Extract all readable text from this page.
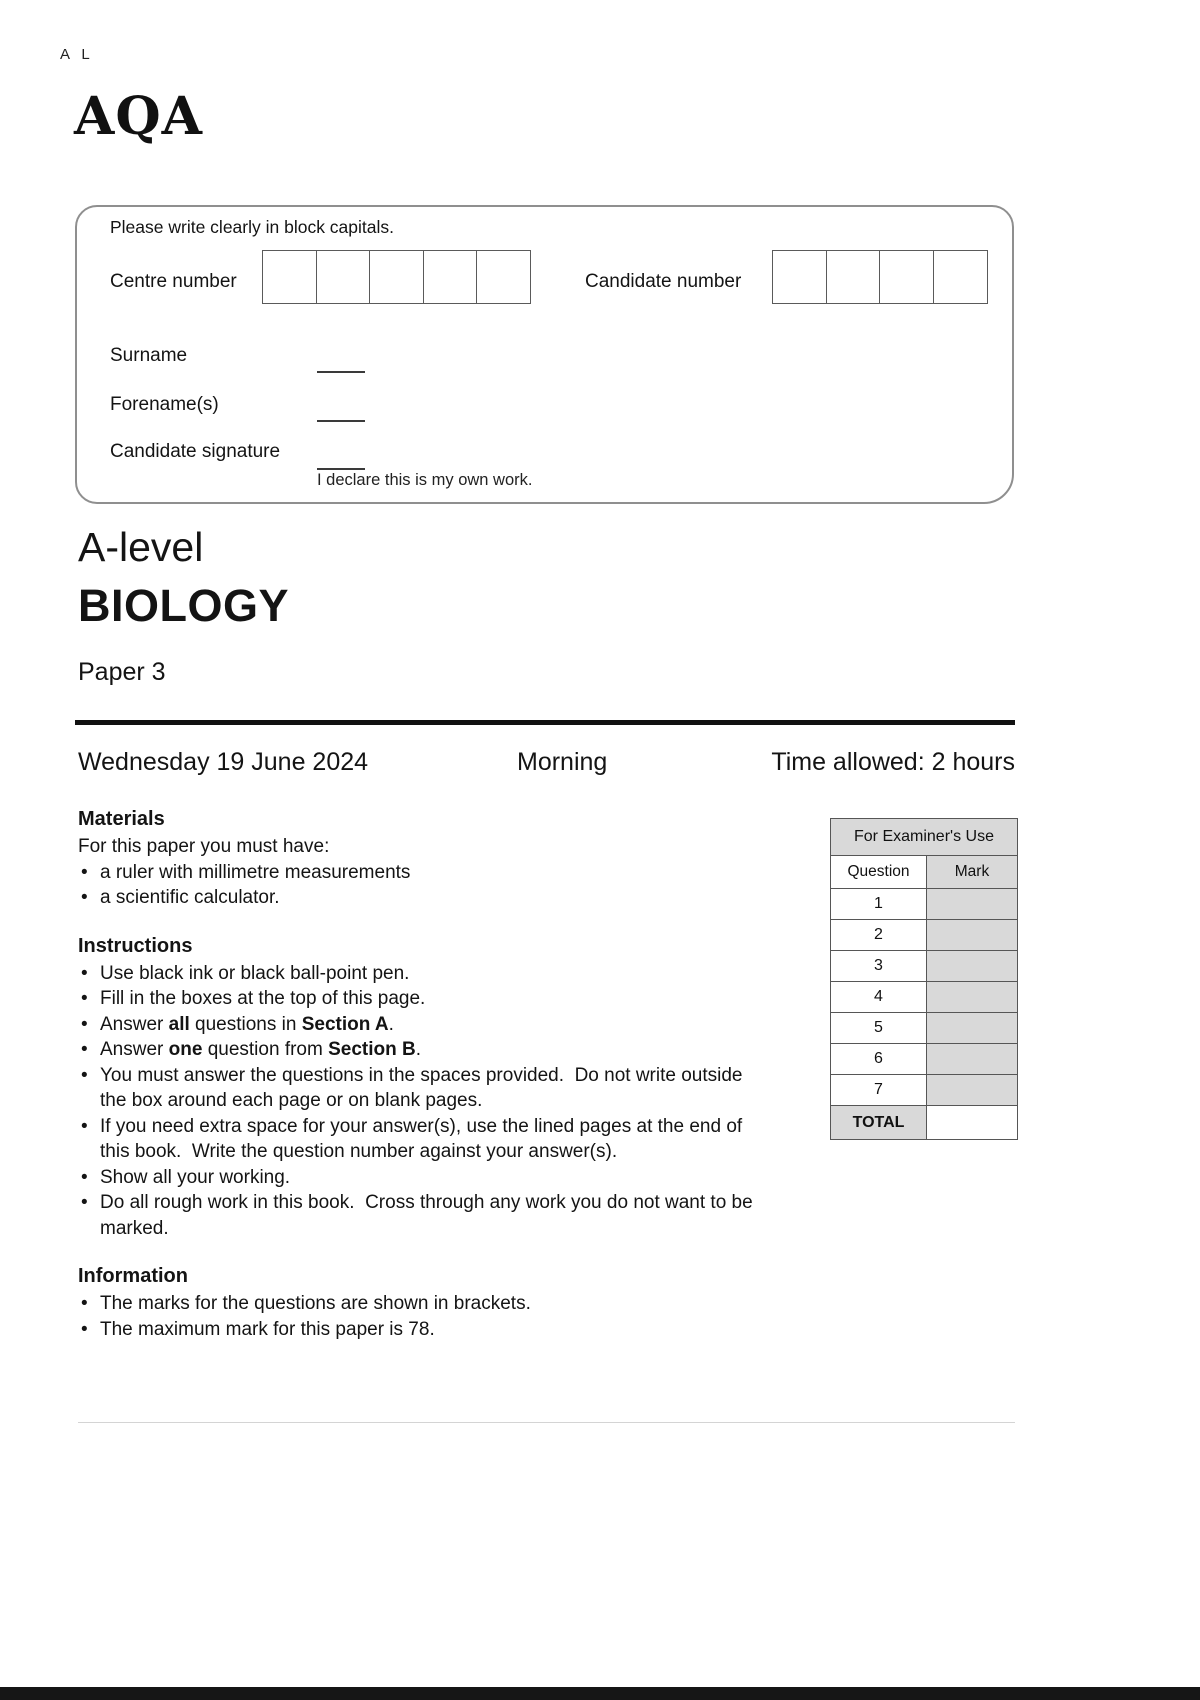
A L
AQA
Please write clearly in block capitals.
Centre number	Candidate number
Surname
Forename(s)
Candidate signature
I declare this is my own work.
A-level
BIOLOGY
Paper 3
Wednesday 19 June 2024	Morning	Time allowed: 2 hours
Materials

For this paper you must have:

• a ruler with millimetre measurements
• a scientific calculator.
Instructions
• Use black ink or black ball-point pen.
• Fill in the boxes at the top of this page.
• Answer all questions in Section A.
• Answer one question from Section B.
• You must answer the questions in the spaces provided.  Do not write outside the box around each page or on blank pages.
• If you need extra space for your answer(s), use the lined pages at the end of this book.  Write the question number against your answer(s).
• Show all your working.
• Do all rough work in this book.  Cross through any work you do not want to be marked.
Information
• The marks for the questions are shown in brackets.
• The maximum mark for this paper is 78.
For Examiner's Use	
Question	Mark
1	
2	
3	
4	
5	
6	
7	
TOTAL	
